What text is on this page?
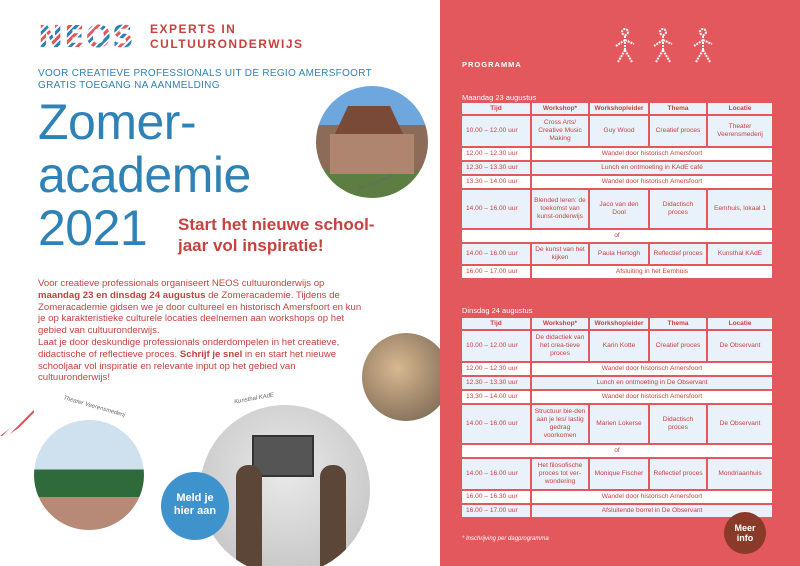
NEOS EXPERTS IN
CULTUURONDERWIJS
VOOR CREATIEVE PROFESSIONALS UIT DE REGIO AMERSFOORT
GRATIS TOEGANG NA AANMELDING
Zomer-
academie
2021	Start het nieuwe school-
jaar vol inspiratie!
Voor creatieve professionals organiseert NEOS cultuuronderwijs op maandag 23 en dinsdag 24 augustus de Zomeracademie. Tijdens de Zomeracademie gidsen we je door cultureel en historisch Amersfoort en kun je op karakteristieke culturele locaties deelnemen aan workshops op het gebied van cultuuronderwijs.
Laat je door deskundige professionals onderdompelen in het creatieve, didactische of reflectieve proces. Schrijf je snel in en start het nieuwe schooljaar vol inspiratie en relevante input op het gebied van cultuuronderwijs!
De Observant
Theater Veerensmederij	Kunsthal KAdE
Meld je
hier aan
PROGRAMMA
Maandag 23 augustus
Tijd	Workshop*	Workshopleider	Thema	Locatie
10.00 – 12.00 uur	Cross Arts/ Creative Music Making	Guy Wood	Creatief proces	Theater Veerensmederij
12.00 – 12.30 uur	Wandel door historisch Amersfoort			
12.30 – 13.30 uur	Lunch en ontmoeting in KAdE café			
13.30 – 14.00 uur	Wandel door historisch Amersfoort			
14.00 – 16.00 uur	Blended leren: de toekomst van kunst-onderwijs	Jaco van den Dool	Didactisch proces	Eemhuis, lokaal 1
of				
14.00 – 16.00 uur	De kunst van het kijken	Paula Hertogh	Reflectief proces	Kunsthal KAdE
16.00 – 17.00 uur	Afsluiting in het Eemhuis			
Dinsdag 24 augustus
Tijd	Workshop*	Workshopleider	Thema	Locatie
10.00 – 12.00 uur	De didactiek van het crea-tieve proces	Karin Kotte	Creatief proces	De Observant
12.00 – 12.30 uur	Wandel door historisch Amersfoort			
12.30 – 13.30 uur	Lunch en ontmoeting in De Observant			
13.30 – 14.00 uur	Wandel door historisch Amersfoort			
14.00 – 16.00 uur	Structuur bie-den aan je les/ lastig gedrag voorkomen	Marien Lokerse	Didactisch proces	De Observant
of				
14.00 – 16.00 uur	Het filosofische proces tot ver-wondering	Monique Fischer	Reflectief proces	Mondriaanhuis
16.00 – 16.30 uur	Wandel door historisch Amersfoort			
16.00 – 17.00 uur	Afsluitende borrel in De Observant			
* Inschrijving per dagprogramma
Meer
info
